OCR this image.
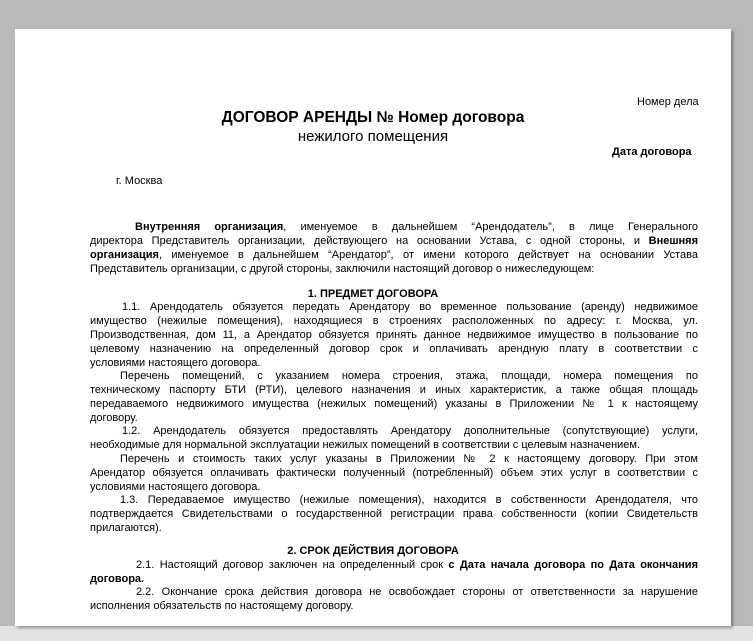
Номер дела
ДОГОВОР АРЕНДЫ № Номер договора
нежилого помещения
Дата договора
г. Москва
Внутренняя организация, именуемое в дальнейшем “Арендодатель”, в лице Генерального
директора Представитель организации, действующего на основании Устава, с одной стороны, и Внешняя
организация, именуемое в дальнейшем “Арендатор”, от имени которого действует на основании Устава
Представитель организации, с другой стороны, заключили настоящий договор о нижеследующем:
1. ПРЕДМЕТ ДОГОВОРА
1.1. Арендодатель обязуется передать Арендатору во временное пользование (аренду) недвижимое
имущество (нежилые помещения), находящиеся в строениях расположенных по адресу: г. Москва, ул.
Производственная, дом 11, а Арендатор обязуется принять данное недвижимое имущество в пользование по
целевому назначению на определенный договор срок и оплачивать арендную плату в соответствии с
условиями настоящего договора.
Перечень помещений, с указанием номера строения, этажа, площади, номера помещения по
техническому паспорту БТИ (РТИ), целевого назначения и иных характеристик, а также общая площадь
передаваемого недвижимого имущества (нежилых помещений) указаны в Приложении № 1 к настоящему
договору.
1.2. Арендодатель обязуется предоставлять Арендатору дополнительные (сопутствующие) услуги,
необходимые для нормальной эксплуатации нежилых помещений в соответствии с целевым назначением.
Перечень и стоимость таких услуг указаны в Приложении № 2 к настоящему договору. При этом
Арендатор обязуется оплачивать фактически полученный (потребленный) объем этих услуг в соответствии с
условиями настоящего договора.
1.3. Передаваемое имущество (нежилые помещения), находится в собственности Арендодателя, что
подтверждается Свидетельствами о государственной регистрации права собственности (копии Свидетельств
прилагаются).
2. СРОК ДЕЙСТВИЯ ДОГОВОРА
2.1. Настоящий договор заключен на определенный срок с Дата начала договора по Дата окончания
договора.
2.2. Окончание срока действия договора не освобождает стороны от ответственности за нарушение
исполнения обязательств по настоящему договору.
